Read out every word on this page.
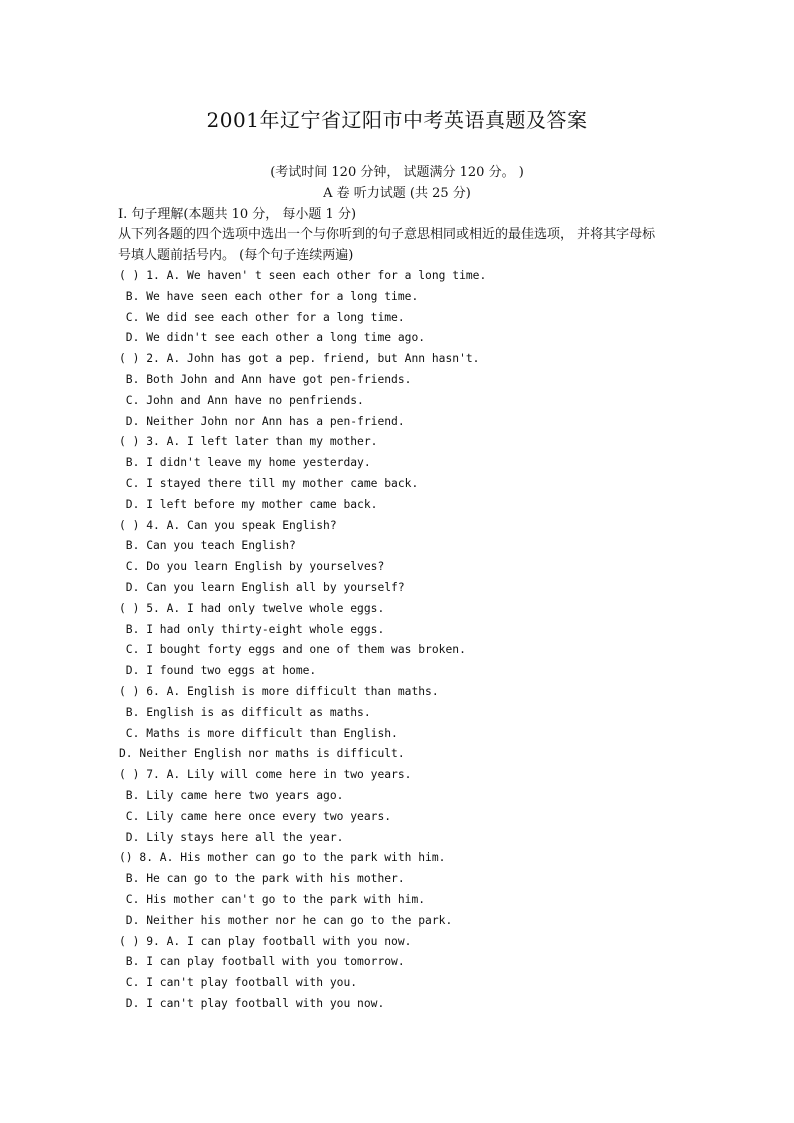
2001年辽宁省辽阳市中考英语真题及答案
(考试时间 120 分钟， 试题满分 120 分。 )
A 卷 听力试题 (共 25 分)
I. 句子理解(本题共 10 分， 每小题 1 分)
从下列各题的四个选项中选出一个与你听到的句子意思相同或相近的最佳选项， 并将其字母标号填人题前括号内。 (每个句子连续两遍)
( ) 1. A. We haven' t seen each other for a long time.
B. We have seen each other for a long time.
C. We did see each other for a long time.
D. We didn't see each other a long time ago.
( ) 2. A. John has got a pep. friend, but Ann hasn't.
B. Both John and Ann have got pen-friends.
C. John and Ann have no penfriends.
D. Neither John nor Ann has a pen-friend.
( ) 3. A. I left later than my mother.
B. I didn't leave my home yesterday.
C. I stayed there till my mother came back.
D. I left before my mother came back.
( ) 4. A. Can you speak English?
B. Can you teach English?
C. Do you learn English by yourselves?
D. Can you learn English all by yourself?
( ) 5. A. I had only twelve whole eggs.
B. I had only thirty-eight whole eggs.
C. I bought forty eggs and one of them was broken.
D. I found two eggs at home.
( ) 6. A. English is more difficult than maths.
B. English is as difficult as maths.
C. Maths is more difficult than English.
D. Neither English nor maths is difficult.
( ) 7. A. Lily will come here in two years.
B. Lily came here two years ago.
C. Lily came here once every two years.
D. Lily stays here all the year.
() 8. A. His mother can go to the park with him.
B. He can go to the park with his mother.
C. His mother can't go to the park with him.
D. Neither his mother nor he can go to the park.
( ) 9. A. I can play football with you now.
B. I can play football with you tomorrow.
C. I can't play football with you.
D. I can't play football with you now.
